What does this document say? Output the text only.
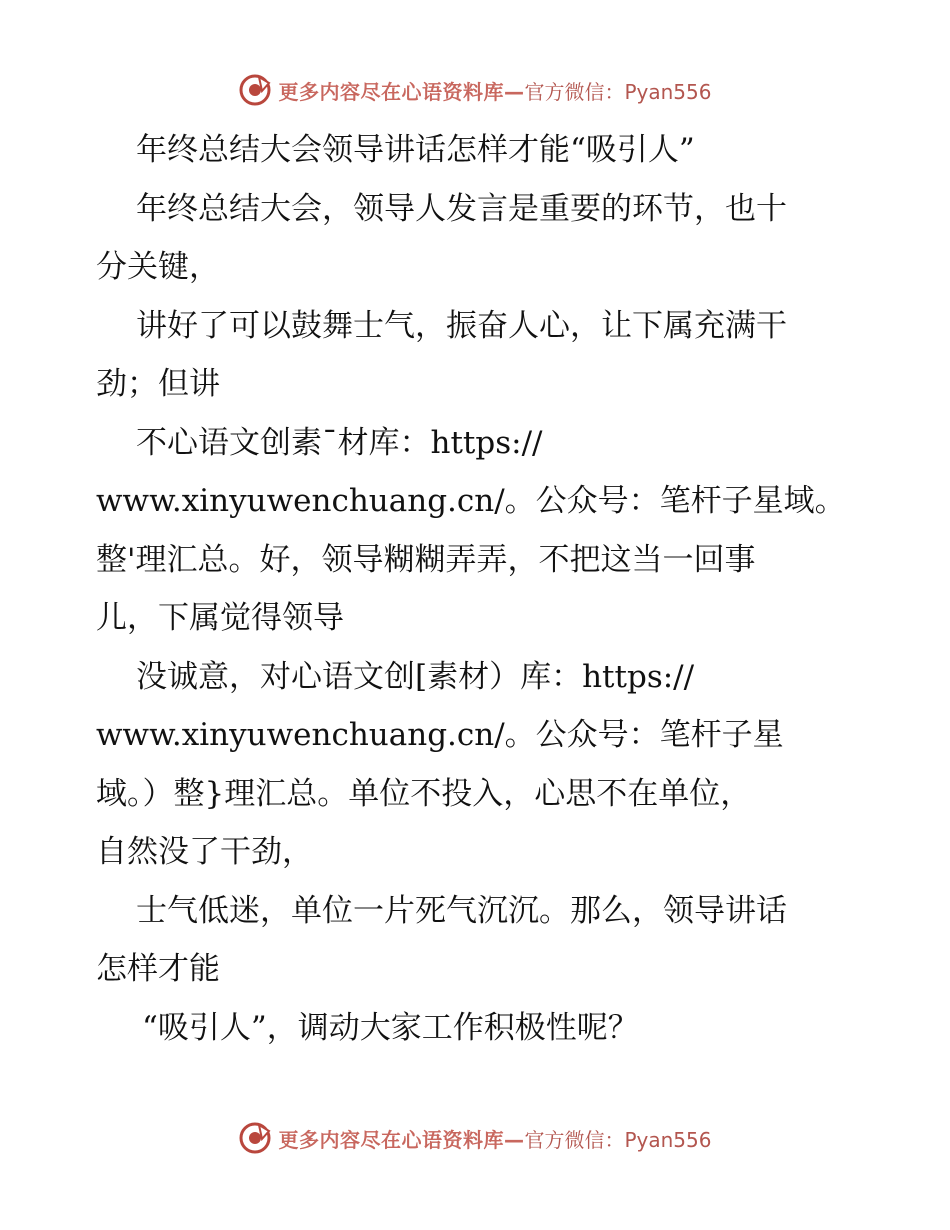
更多内容尽在心语资料库— 官方微信：Pyan556
年终总结大会领导讲话怎样才能“吸引人”
年终总结大会，领导人发言是重要的环节，也十
分关键，
讲好了可以鼓舞士气，振奋人心，让下属充满干
劲；但讲
不心语文创素¯材库：https://
www.xinyuwenchuang.cn/。公众号：笔杆子星域。
整'理汇总。好，领导糊糊弄弄，不把这当一回事
儿，下属觉得领导
没诚意，对心语文创[素材）库：https://
www.xinyuwenchuang.cn/。公众号：笔杆子星
域。）整}理汇总。单位不投入，心思不在单位，
自然没了干劲，
士气低迷，单位一片死气沉沉。那么，领导讲话
怎样才能
“吸引人”，调动大家工作积极性呢？
更多内容尽在心语资料库— 官方微信：Pyan556
